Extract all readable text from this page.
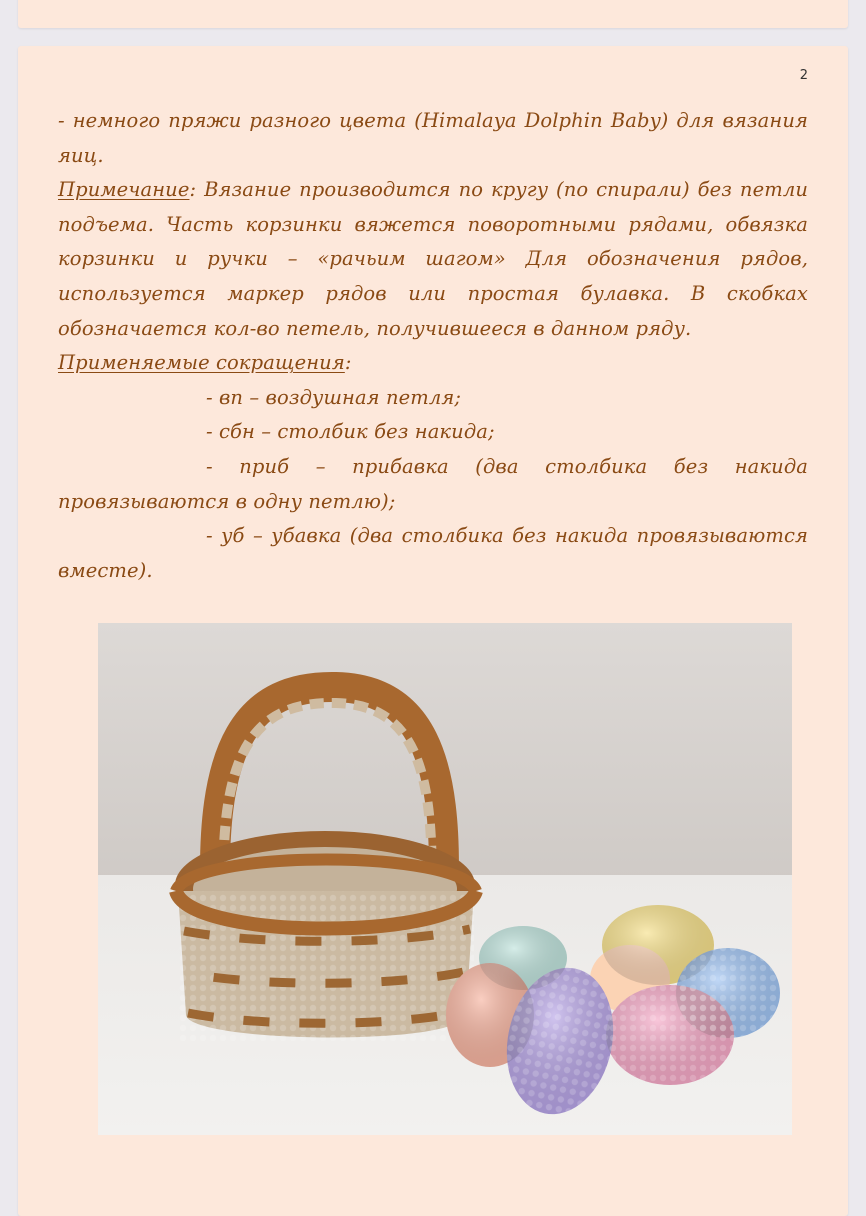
2

- немного пряжи разного цвета (Himalaya Dolphin Baby) для вязания яиц.

Примечание: Вязание производится по кругу (по спирали) без петли подъема. Часть корзинки вяжется поворотными рядами, обвязка корзинки и ручки – «рачьим шагом» Для обозначения рядов, используется маркер рядов или простая булавка. В скобках обозначается кол-во петель, получившееся в данном ряду.

Применяемые сокращения:

- вп – воздушная петля;

- сбн – столбик без накида;

- приб – прибавка (два столбика без накида провязываются в одну петлю);

- уб – убавка (два столбика без накида провязываются вместе).
